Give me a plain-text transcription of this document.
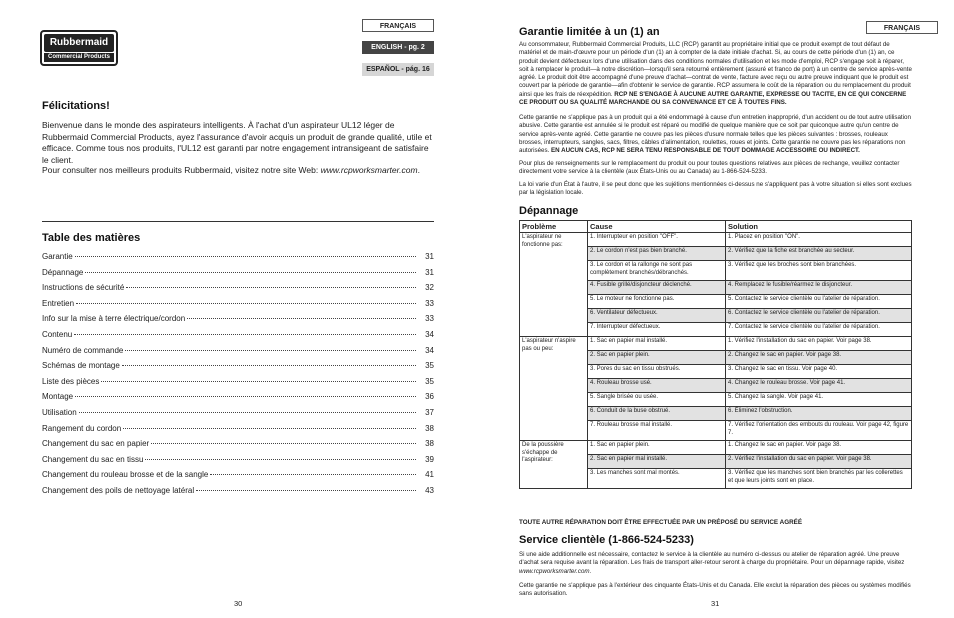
Rubbermaid
Commercial Products
FRANÇAIS
ENGLISH - pg. 2
ESPAÑOL - pág. 16
Félicitations!
Bienvenue dans le monde des aspirateurs intelligents. À l'achat d'un aspirateur UL12 léger de Rubbermaid Commercial Products, ayez l'assurance d'avoir acquis un produit de grande qualité, utile et efficace. Comme tous nos produits, l'UL12 est garanti par notre engagement intransigeant de satisfaire le client.
Pour consulter nos meilleurs produits Rubbermaid, visitez notre site Web: www.rcpworksmarter.com.
Table des matières
Garantie	31
Dépannage	31
Instructions de sécurité	32
Entretien	33
Info sur la mise à terre électrique/cordon	33
Contenu	34
Numéro de commande	34
Schémas de montage	35
Liste des pièces	35
Montage	36
Utilisation	37
Rangement du cordon	38
Changement du sac en papier	38
Changement du sac en tissu	39
Changement du rouleau brosse et de la sangle	41
Changement des poils de nettoyage latéral	43
30
FRANÇAIS
Garantie limitée à un (1) an
Au consommateur, Rubbermaid Commercial Produits, LLC (RCP) garantit au propriétaire initial que ce produit exempt de tout défaut de matériel et de main-d'œuvre pour un période d'un (1) an à compter de la date initiale d'achat. Si, au cours de cette période d'un (1) an, ce produit devient défectueux lors d'une utilisation dans des conditions normales d'utilisation et les mode d'emploi, RCP s'engage soit à réparer, soit à remplacer le produit—à notre discrétion—lorsqu'il sera retourné entièrement (assuré et franco de port) à un centre de service après-vente agréé. Le produit doit être accompagné d'une preuve d'achat—contrat de vente, facture avec reçu ou autre preuve indiquant que le produit est couvert par la période de garantie—afin d'obtenir le service de garantie. RCP assumera le coût de la réparation ou du remplacement du produit ainsi que les frais de réexpédition. RCP NE S'ENGAGE À AUCUNE AUTRE GARANTIE, EXPRESSE OU TACITE, EN CE QUI CONCERNE CE PRODUIT OU SA QUALITÉ MARCHANDE OU SA CONVENANCE ET CE À TOUTES FINS.
Cette garantie ne s'applique pas à un produit qui a été endommagé à cause d'un entretien inapproprié, d'un accident ou de tout autre utilisation abusive. Cette garantie est annulée si le produit est réparé ou modifié de quelque manière que ce soit par quiconque autre qu'un centre de service après-vente agréé. Cette garantie ne couvre pas les pièces d'usure normale telles que les pièces suivantes : brosses, rouleaux brosses, interrupteurs, sangles, sacs, filtres, câbles d'alimentation, roulettes, roues et joints. Cette garantie ne couvre pas les réparations non autorisées. EN AUCUN CAS, RCP NE SERA TENU RESPONSABLE DE TOUT DOMMAGE ACCESSOIRE OU INDIRECT.
Pour plus de renseignements sur le remplacement du produit ou pour toutes questions relatives aux pièces de rechange, veuillez contacter directement votre service à la clientèle (aux États-Unis ou au Canada) au 1-866-524-5233.
La loi varie d'un État à l'autre, il se peut donc que les sujétions mentionnées ci-dessus ne s'appliquent pas à votre situation si elles sont exclues par la législation locale.
Dépannage
Problème	Cause	Solution
L'aspirateur ne fonctionne pas:	1. Interrupteur en position "OFF".	1. Placez en position "ON".
	2. Le cordon n'est pas bien branché.	2. Vérifiez que la fiche est branchée au secteur.
	3. Le cordon et la rallonge ne sont pas complètement branchés/débranchés.	3. Vérifiez que les broches sont bien branchées.
	4. Fusible grillé/disjoncteur déclenché.	4. Remplacez le fusible/réarmez le disjoncteur.
	5. Le moteur ne fonctionne pas.	5. Contactez le service clientèle ou l'atelier de réparation.
	6. Ventilateur défectueux.	6. Contactez le service clientèle ou l'atelier de réparation.
	7. Interrupteur défectueux.	7. Contactez le service clientèle ou l'atelier de réparation.
L'aspirateur n'aspire pas ou peu:	1. Sac en papier mal installé.	1. Vérifiez l'installation du sac en papier. Voir page 38.
	2. Sac en papier plein.	2. Changez le sac en papier. Voir page 38.
	3. Pores du sac en tissu obstrués.	3. Changez le sac en tissu. Voir page 40.
	4. Rouleau brosse usé.	4. Changez le rouleau brosse. Voir page 41.
	5. Sangle brisée ou usée.	5. Changez la sangle. Voir page 41.
	6. Conduit de la buse obstrué.	6. Éliminez l'obstruction.
	7. Rouleau brosse mal installé.	7. Vérifiez l'orientation des embouts du rouleau. Voir page 42, figure 7.
De la poussière s'échappe de l'aspirateur:	1. Sac en papier plein.	1. Changez le sac en papier. Voir page 38.
	2. Sac en papier mal installé.	2. Vérifiez l'installation du sac en papier. Voir page 38.
	3. Les manches sont mal montés.	3. Vérifiez que les manches sont bien branchés par les collerettes et que leurs joints sont en place.
TOUTE AUTRE RÉPARATION DOIT ÊTRE EFFECTUÉE PAR UN PRÉPOSÉ DU SERVICE AGRÉÉ
Service clientèle (1-866-524-5233)
Si une aide additionnelle est nécessaire, contactez le service à la clientèle au numéro ci-dessus ou atelier de réparation agréé. Une preuve d'achat sera requise avant la réparation. Les frais de transport aller-retour seront à charge du propriétaire. Pour un dépannage rapide, visitez www.rcpworksmarter.com.
Cette garantie ne s'applique pas à l'extérieur des cinquante États-Unis et du Canada. Elle exclut la réparation des pièces ou systèmes modifiés sans autorisation.
31
